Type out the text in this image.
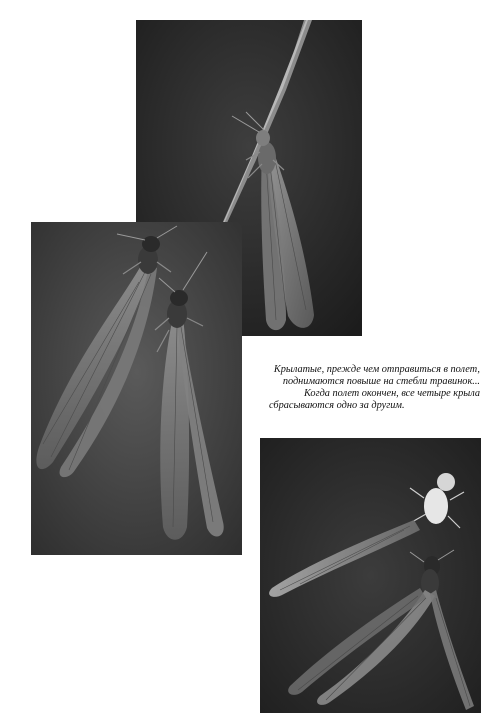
Крылатые, прежде чем отправиться в полет,
поднимаются повыше на стебли травинок...
Когда полет окончен, все четыре крыла
сбрасываются одно за другим.
